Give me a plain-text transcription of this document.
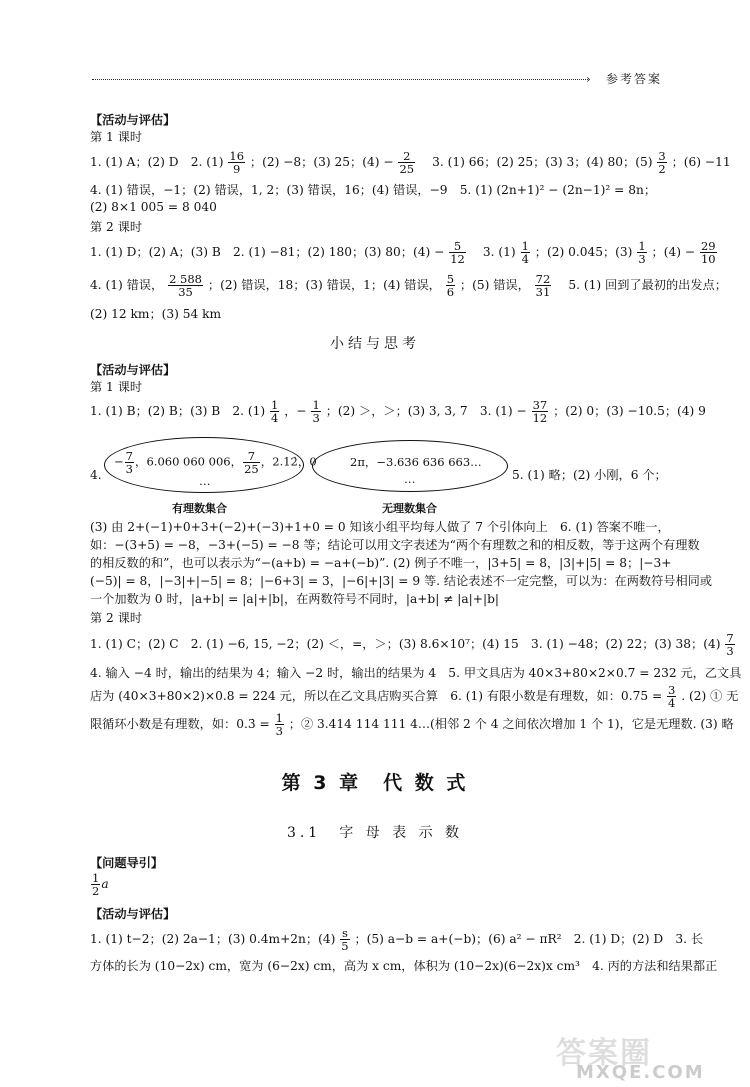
› 参考答案
【活动与评估】
第 1 课时
1. (1) A；(2) D　2. $(1) \frac{16}{9}$ ；(2) −8；(3) 25；$(4) - \frac{2}{25}$ 　3. (1) 66；(2) 25；(3) 3；(4) 80；$(5) \frac{3}{2}$ ；(6) −11
4. (1) 错误，−1；(2) 错误，1, 2；(3) 错误，16；(4) 错误，−9　5. (1) (2n+1)² − (2n−1)² = 8n；
(2) 8×1 005 = 8 040
第 2 课时
1. (1) D；(2) A；(3) B　2. (1) −81；(2) 180；(3) 80；$(4) - \frac{5}{12}$ 　3. $(1) \frac{1}{4}$ ；(2) 0.045；$(3) \frac{1}{3}$ ；$(4) - \frac{29}{10}$
4. (1) 错误， $\frac{2 588}{35}$ ；(2) 错误，18；(3) 错误，1；(4) 错误， $\frac{5}{6}$ ；(5) 错误， $\frac{72}{31}$ 　5. (1) 回到了最初的出发点；
(2) 12 km；(3) 54 km
小结与思考
【活动与评估】
第 1 课时
1. (1) B；(2) B；(3) B　2. $(1) \frac{1}{4}$ ，− $\frac{1}{3}$ ；(2) ＞，＞；(3) 3, 3, 7　3. $(1) - \frac{37}{12}$ ；(2) 0；(3) −10.5；(4) 9
4.
− $\frac{7}{3}$ ，6.060 060 006， $\frac{7}{25}$ ，2.12̇，0
…
有理数集合
2π，−3.636 636 663…
…
无理数集合
5. (1) 略；(2) 小刚，6 个；
(3) 由 2+(−1)+0+3+(−2)+(−3)+1+0 = 0 知该小组平均每人做了 7 个引体向上　6. (1) 答案不唯一，
如：−(3+5) = −8，−3+(−5) = −8 等；结论可以用文字表述为“两个有理数之和的相反数，等于这两个有理数
的相反数的和”，也可以表示为“−(a+b) = −a+(−b)”. (2) 例子不唯一，|3+5| = 8，|3|+|5| = 8；|−3+
(−5)| = 8，|−3|+|−5| = 8；|−6+3| = 3，|−6|+|3| = 9 等. 结论表述不一定完整，可以为：在两数符号相同或
一个加数为 0 时，|a+b| = |a|+|b|，在两数符号不同时，|a+b| ≠ |a|+|b|
第 2 课时
1. (1) C；(2) C　2. (1) −6, 15, −2；(2) ＜，=，＞；(3) 8.6×10⁷；(4) 15　3. (1) −48；(2) 22；(3) 38；$(4) \frac{7}{3}$
4. 输入 −4 时，输出的结果为 4；输入 −2 时，输出的结果为 4　5. 甲文具店为 40×3+80×2×0.7 = 232 元，乙文具
店为 (40×3+80×2)×0.8 = 224 元，所以在乙文具店购买合算　6. (1) 有限小数是有理数，如：$0.75 = \frac{3}{4}$ . (2) ① 无
限循环小数是有理数，如：0.3̇ = $\frac{1}{3}$ ；② 3.414 114 111 4…(相邻 2 个 4 之间依次增加 1 个 1)，它是无理数. (3) 略
第 3 章　代 数 式
3.1　字 母 表 示 数
【问题导引】
$\frac{1}{2}$ a
【活动与评估】
1. (1) t−2；(2) 2a−1；(3) 0.4m+2n；$(4) \frac{s}{5}$ ；(5) a−b = a+(−b)；(6) a² − πR²　2. (1) D；(2) D　3. 长
方体的长为 (10−2x) cm，宽为 (6−2x) cm，高为 x cm，体积为 (10−2x)(6−2x)x cm³　4. 丙的方法和结果都正
答案圈
MXQE.COM
